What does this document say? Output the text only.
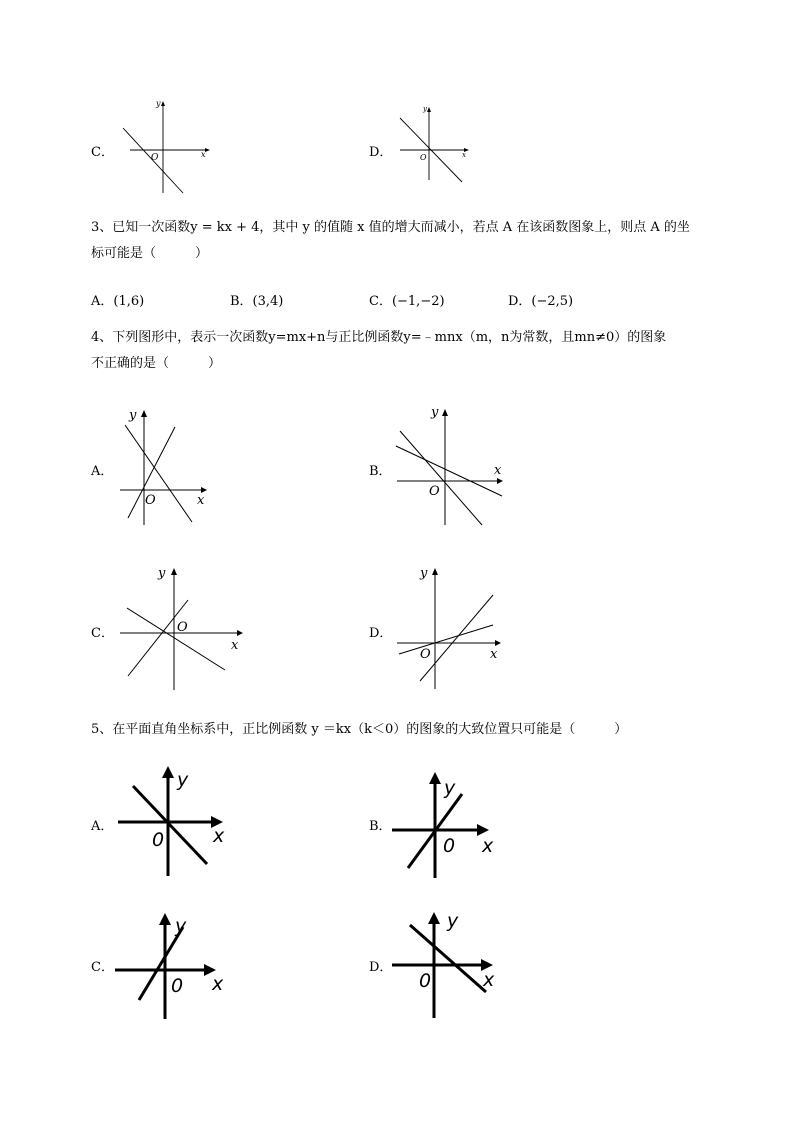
C．
y
x
O	D．
y
x
O
3、已知一次函数y = kx + 4，其中 y 的值随 x 值的增大而减小，若点 A 在该函数图象上，则点 A 的坐
标可能是（　　　）
A．(1,6)	B．(3,4)	C．(−1,−2)	D．(−2,5)
4、下列图形中，表示一次函数y=mx+n与正比例函数y=﹣mnx（m，n为常数，且mn≠0）的图象
不正确的是（　　　）
A．
y
x
O
B．
y
x
O
C．
y
x
O	D．
y
x
O
5、在平面直角坐标系中，正比例函数 y ＝kx（k＜0）的图象的大致位置只可能是（　　　）
A．
y
x
0
B．
y
x
0
C．
y
x
0
D．
y
x
0
